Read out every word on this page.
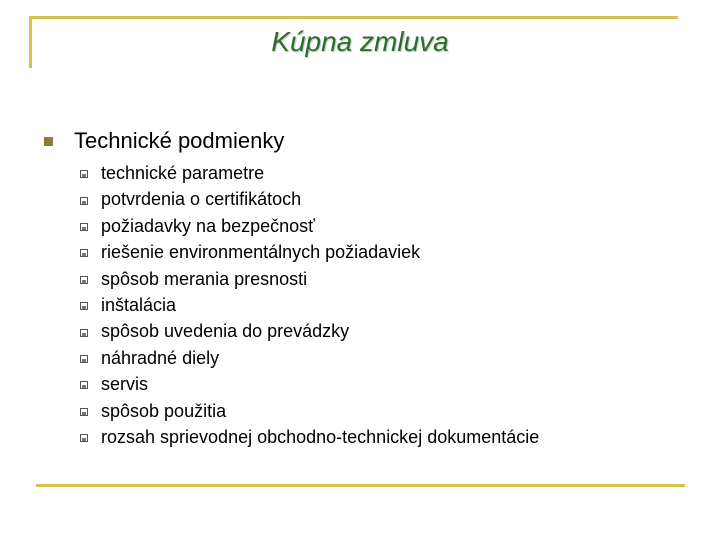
Kúpna zmluva
Technické podmienky
technické parametre
potvrdenia o certifikátoch
požiadavky na bezpečnosť
riešenie environmentálnych požiadaviek
spôsob merania presnosti
inštalácia
spôsob uvedenia do prevádzky
náhradné diely
servis
spôsob použitia
rozsah sprievodnej obchodno-technickej dokumentácie
